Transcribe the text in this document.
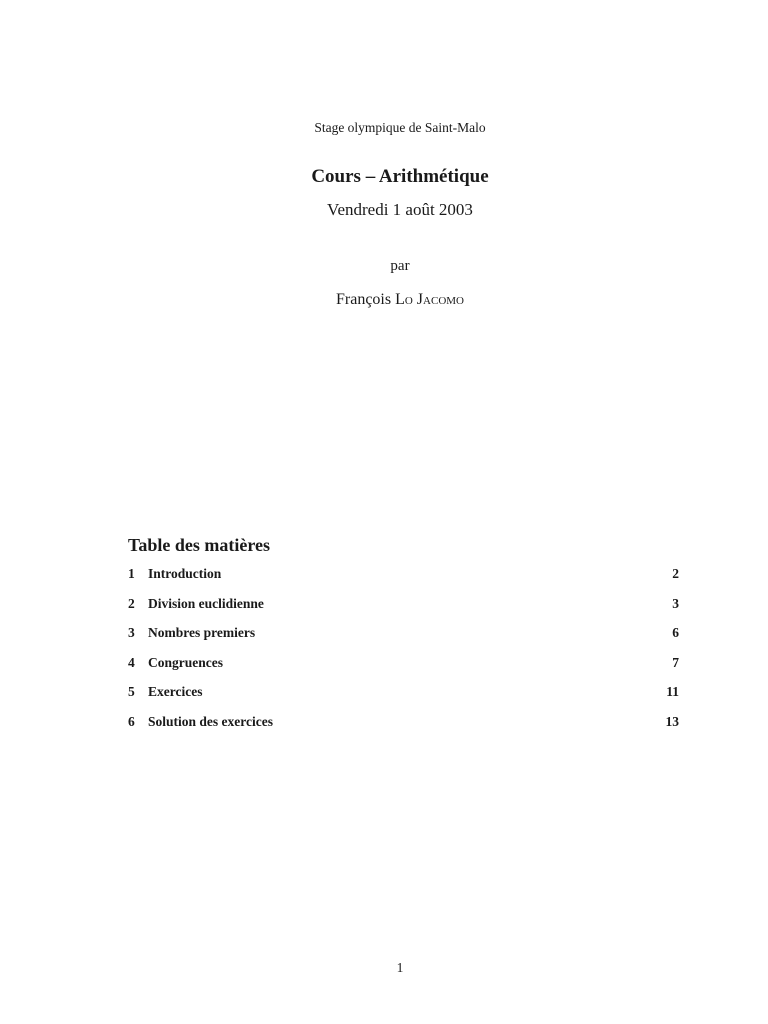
Stage olympique de Saint-Malo

Cours – Arithmétique

Vendredi 1 août 2003

par

François Lo Jacomo

Table des matières
1 Introduction	2
2 Division euclidienne	3
3 Nombres premiers	6
4 Congruences	7
5 Exercices	11
6 Solution des exercices	13

1
